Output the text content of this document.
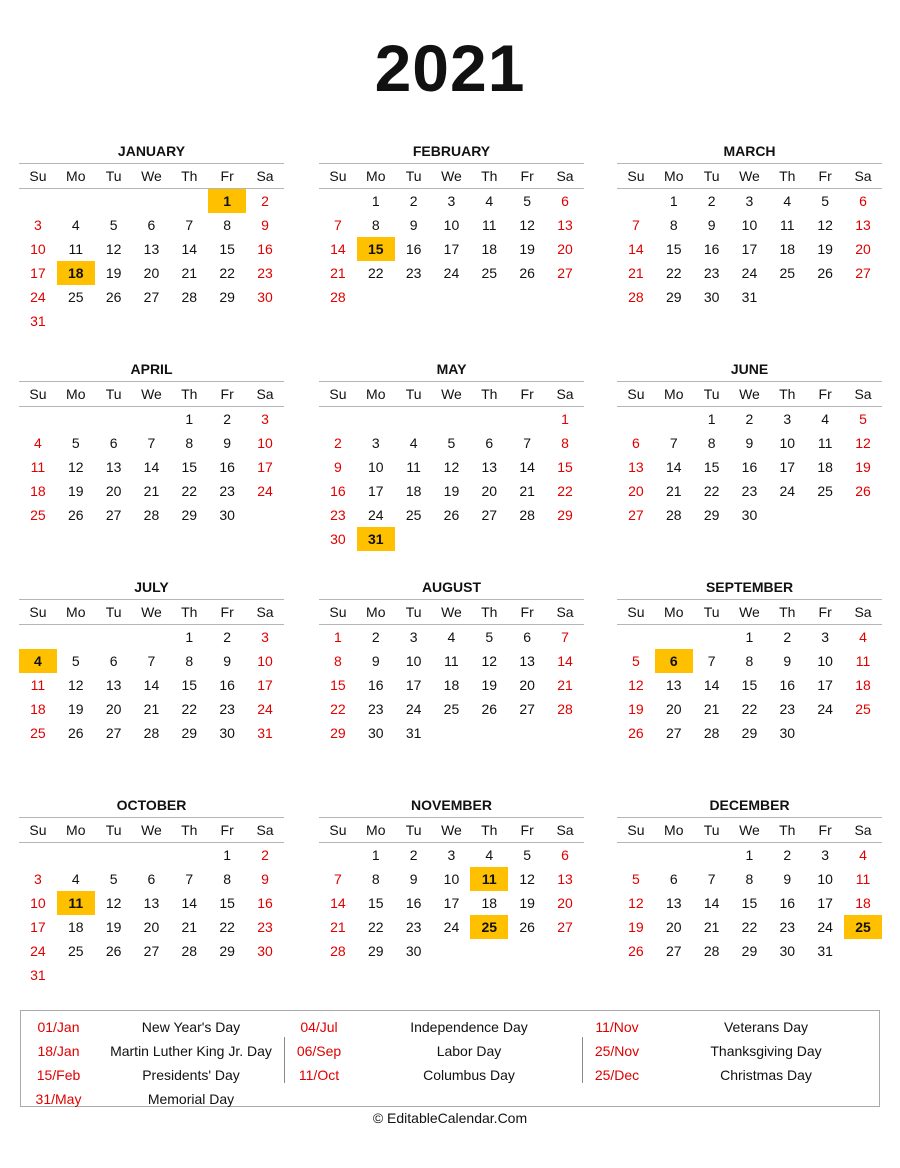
2021
JANUARY
Su	Mo	Tu	We	Th	Fr	Sa
					1	2
3	4	5	6	7	8	9
10	11	12	13	14	15	16
17	18	19	20	21	22	23
24	25	26	27	28	29	30
31						
FEBRUARY
Su	Mo	Tu	We	Th	Fr	Sa
	1	2	3	4	5	6
7	8	9	10	11	12	13
14	15	16	17	18	19	20
21	22	23	24	25	26	27
28						
MARCH
Su	Mo	Tu	We	Th	Fr	Sa
	1	2	3	4	5	6
7	8	9	10	11	12	13
14	15	16	17	18	19	20
21	22	23	24	25	26	27
28	29	30	31			
APRIL
Su	Mo	Tu	We	Th	Fr	Sa
				1	2	3
4	5	6	7	8	9	10
11	12	13	14	15	16	17
18	19	20	21	22	23	24
25	26	27	28	29	30	
MAY
Su	Mo	Tu	We	Th	Fr	Sa
						1
2	3	4	5	6	7	8
9	10	11	12	13	14	15
16	17	18	19	20	21	22
23	24	25	26	27	28	29
30	31					
JUNE
Su	Mo	Tu	We	Th	Fr	Sa
		1	2	3	4	5
6	7	8	9	10	11	12
13	14	15	16	17	18	19
20	21	22	23	24	25	26
27	28	29	30			
JULY
Su	Mo	Tu	We	Th	Fr	Sa
				1	2	3
4	5	6	7	8	9	10
11	12	13	14	15	16	17
18	19	20	21	22	23	24
25	26	27	28	29	30	31
AUGUST
Su	Mo	Tu	We	Th	Fr	Sa
1	2	3	4	5	6	7
8	9	10	11	12	13	14
15	16	17	18	19	20	21
22	23	24	25	26	27	28
29	30	31				
SEPTEMBER
Su	Mo	Tu	We	Th	Fr	Sa
			1	2	3	4
5	6	7	8	9	10	11
12	13	14	15	16	17	18
19	20	21	22	23	24	25
26	27	28	29	30		
OCTOBER
Su	Mo	Tu	We	Th	Fr	Sa
					1	2
3	4	5	6	7	8	9
10	11	12	13	14	15	16
17	18	19	20	21	22	23
24	25	26	27	28	29	30
31						
NOVEMBER
Su	Mo	Tu	We	Th	Fr	Sa
	1	2	3	4	5	6
7	8	9	10	11	12	13
14	15	16	17	18	19	20
21	22	23	24	25	26	27
28	29	30				
DECEMBER
Su	Mo	Tu	We	Th	Fr	Sa
			1	2	3	4
5	6	7	8	9	10	11
12	13	14	15	16	17	18
19	20	21	22	23	24	25
26	27	28	29	30	31	
01/Jan	New Year's Day
18/Jan	Martin Luther King Jr. Day
15/Feb	Presidents' Day
31/May	Memorial Day
04/Jul	Independence Day
06/Sep	Labor Day
11/Oct	Columbus Day
11/Nov	Veterans Day
25/Nov	Thanksgiving Day
25/Dec	Christmas Day
© EditableCalendar.Com
